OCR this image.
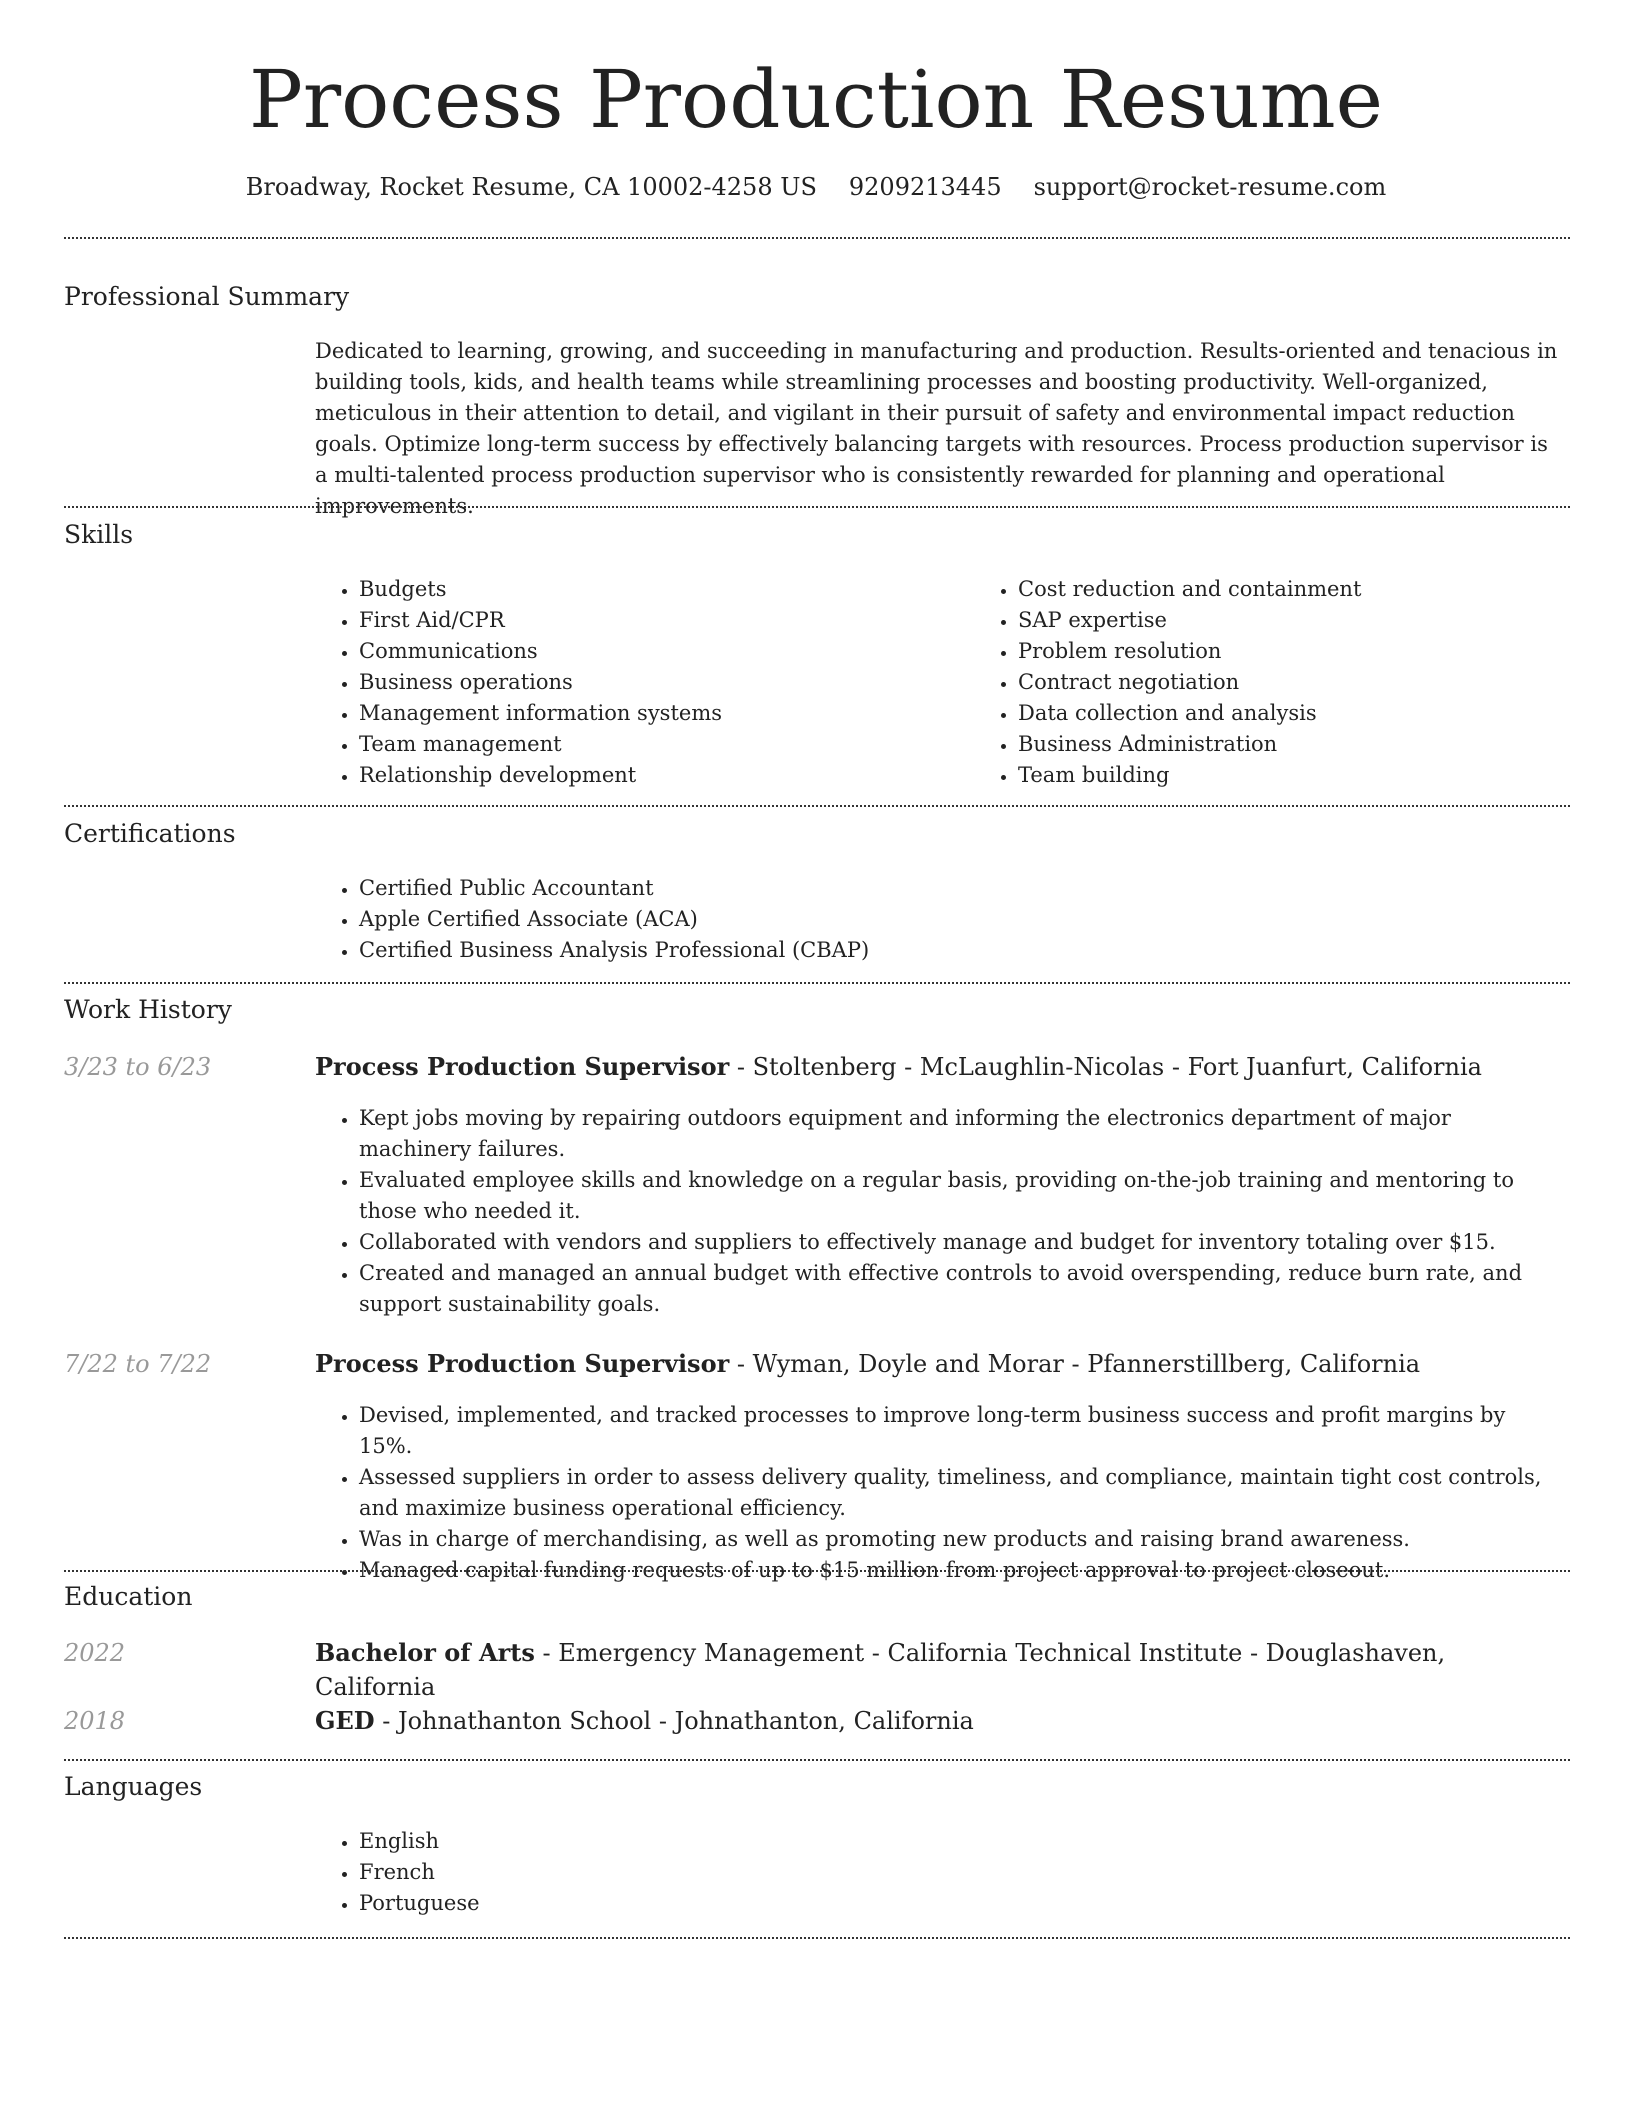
Process Production Resume
Broadway, Rocket Resume, CA 10002-4258 US 9209213445 support@rocket-resume.com
Professional Summary

Dedicated to learning, growing, and succeeding in manufacturing and production. Results-oriented and tenacious in building tools, kids, and health teams while streamlining processes and boosting productivity. Well-organized, meticulous in their attention to detail, and vigilant in their pursuit of safety and environmental impact reduction goals. Optimize long-term success by effectively balancing targets with resources. Process production supervisor is a multi-talented process production supervisor who is consistently rewarded for planning and operational improvements.

Skills
• Budgets
• First Aid/CPR
• Communications
• Business operations
• Management information systems
• Team management
• Relationship development
• Cost reduction and containment
• SAP expertise
• Problem resolution
• Contract negotiation
• Data collection and analysis
• Business Administration
• Team building
Certifications
• Certified Public Accountant
• Apple Certified Associate (ACA)
• Certified Business Analysis Professional (CBAP)
Work History
3/23 to 6/23	Process Production Supervisor - Stoltenberg - McLaughlin-Nicolas - Fort Juanfurt, California
• Kept jobs moving by repairing outdoors equipment and informing the electronics department of major machinery failures.
• Evaluated employee skills and knowledge on a regular basis, providing on-the-job training and mentoring to those who needed it.
• Collaborated with vendors and suppliers to effectively manage and budget for inventory totaling over $15.
• Created and managed an annual budget with effective controls to avoid overspending, reduce burn rate, and support sustainability goals.
7/22 to 7/22	Process Production Supervisor - Wyman, Doyle and Morar - Pfannerstillberg, California
• Devised, implemented, and tracked processes to improve long-term business success and profit margins by 15%.
• Assessed suppliers in order to assess delivery quality, timeliness, and compliance, maintain tight cost controls, and maximize business operational efficiency.
• Was in charge of merchandising, as well as promoting new products and raising brand awareness.
• Managed capital funding requests of up to $15 million from project approval to project closeout.
Education
2022	Bachelor of Arts - Emergency Management - California Technical Institute - Douglashaven, California
2018	GED - Johnathanton School - Johnathanton, California
Languages
• English
• French
• Portuguese
